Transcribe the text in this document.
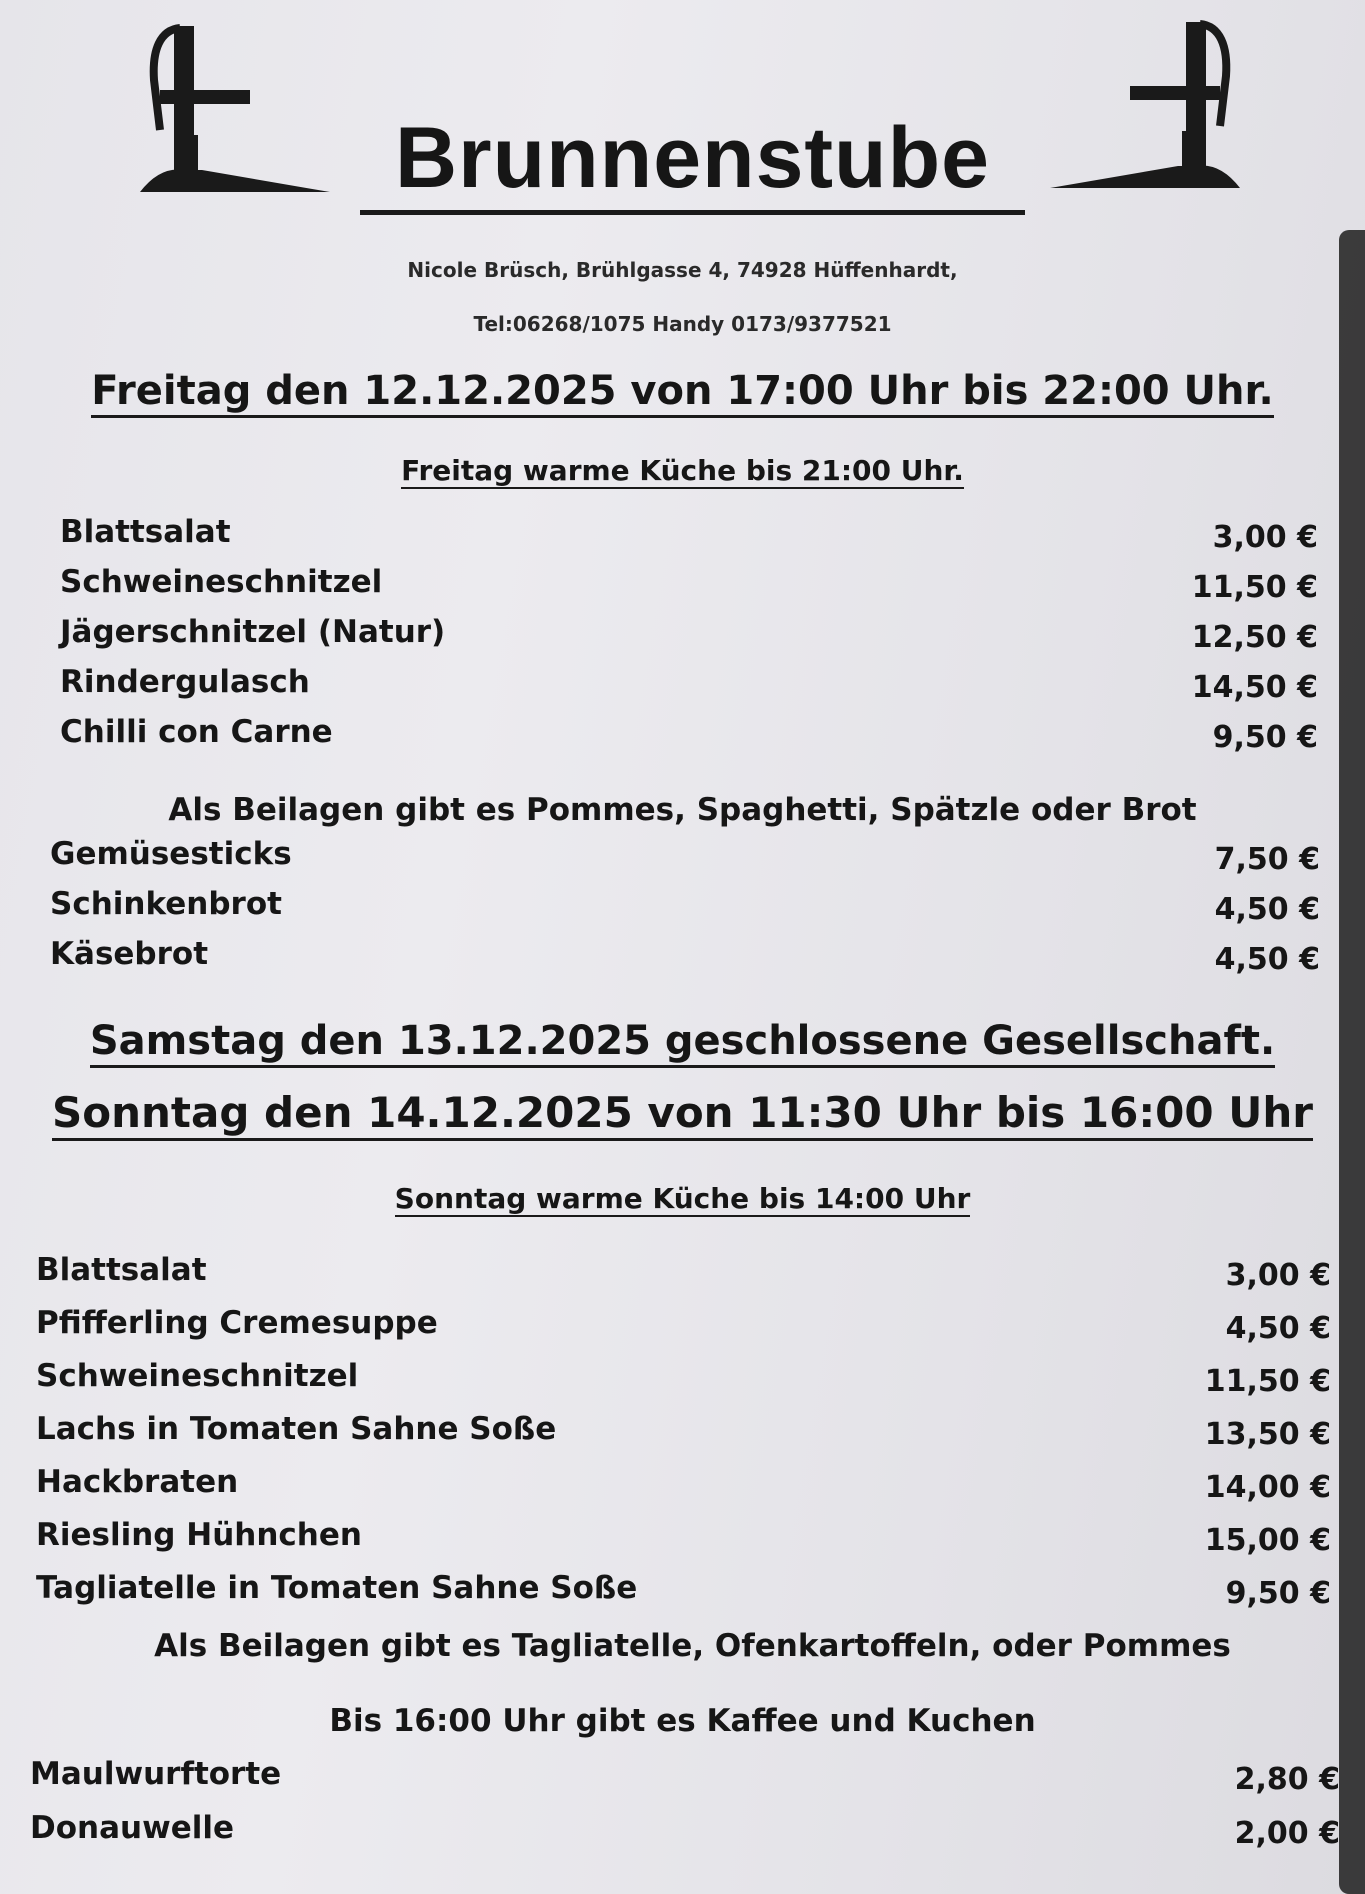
Brunnenstube
Nicole Brüsch, Brühlgasse 4, 74928 Hüffenhardt,
Tel:06268/1075 Handy 0173/9377521
Freitag den 12.12.2025 von 17:00 Uhr bis 22:00 Uhr.
Freitag warme Küche bis 21:00 Uhr.
Blattsalat	3,00 €
Schweineschnitzel	11,50 €
Jägerschnitzel (Natur)	12,50 €
Rindergulasch	14,50 €
Chilli con Carne	9,50 €
Als Beilagen gibt es Pommes, Spaghetti, Spätzle oder Brot
Gemüsesticks	7,50 €
Schinkenbrot	4,50 €
Käsebrot	4,50 €
Samstag den 13.12.2025 geschlossene Gesellschaft.
Sonntag den 14.12.2025 von 11:30 Uhr bis 16:00 Uhr
Sonntag warme Küche bis 14:00 Uhr
Blattsalat	3,00 €
Pfifferling Cremesuppe	4,50 €
Schweineschnitzel	11,50 €
Lachs in Tomaten Sahne Soße	13,50 €
Hackbraten	14,00 €
Riesling Hühnchen	15,00 €
Tagliatelle in Tomaten Sahne Soße	9,50 €
Als Beilagen gibt es Tagliatelle, Ofenkartoffeln, oder Pommes
Bis 16:00 Uhr gibt es Kaffee und Kuchen
Maulwurftorte	2,80 €
Donauwelle	2,00 €
